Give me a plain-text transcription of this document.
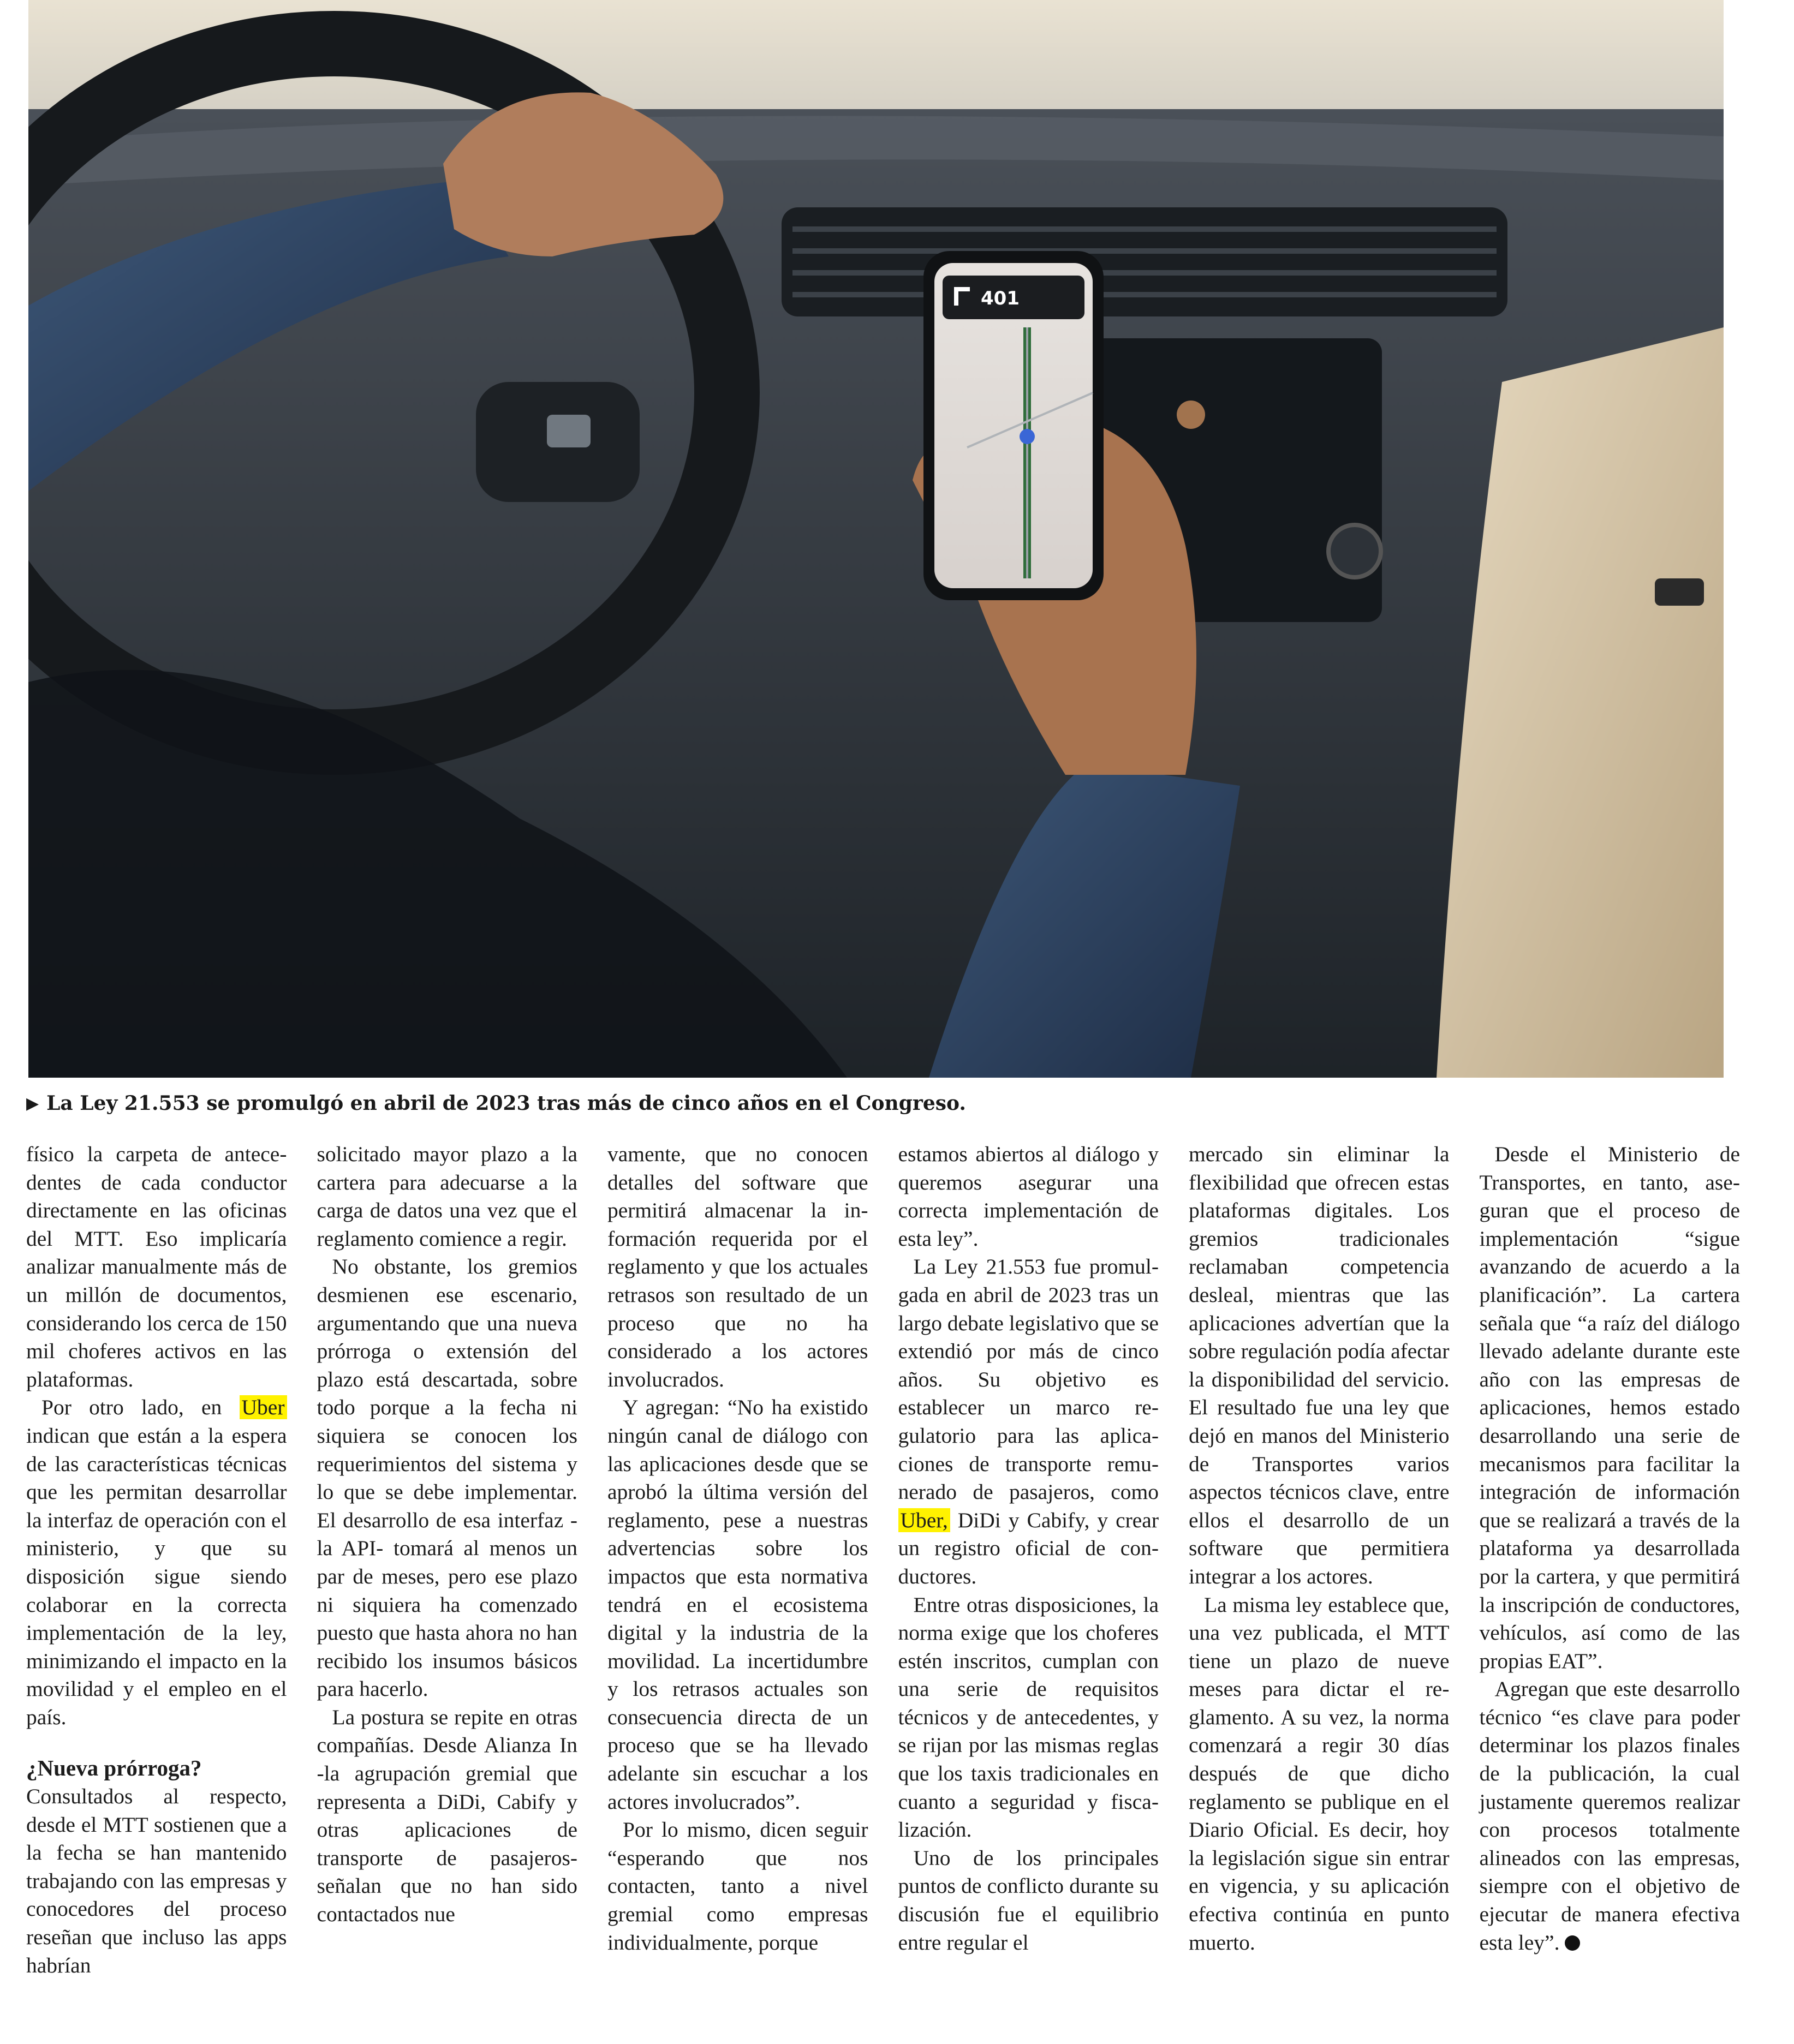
401
▶ La Ley 21.553 se promulgó en abril de 2023 tras más de cinco años en el Congreso.

físico la carpeta de antecedentes de cada conductor directamente en las oficinas del MTT. Eso implicaría analizar manualmente más de un millón de documentos, considerando los cerca de 150 mil choferes activos en las plataformas.

Por otro lado, en Uber indican que están a la espera de las características técnicas que les permitan desarrollar la interfaz de operación con el ministerio, y que su disposición sigue siendo colaborar en la correcta implementación de la ley, minimizando el impacto en la movilidad y el empleo en el país.

¿Nueva prórroga?

Consultados al respecto, desde el MTT sostienen que a la fecha se han mantenido trabajando con las empresas y conocedores del proceso reseñan que incluso las apps habrían

solicitado mayor plazo a la cartera para adecuarse a la carga de datos una vez que el reglamento comience a regir.

No obstante, los gremios desmienen ese escenario, argumentando que una nueva prórroga o extensión del plazo está descartada, sobre todo porque a la fecha ni siquiera se conocen los requerimientos del sistema y lo que se debe implementar. El desarrollo de esa interfaz -la API- tomará al menos un par de meses, pero ese plazo ni siquiera ha comenzado puesto que hasta ahora no han recibido los insumos básicos para hacerlo.

La postura se repite en otras compañías. Desde Alianza In -la agrupación gremial que representa a DiDi, Cabify y otras aplicaciones de transporte de pasajeros- señalan que no han sido contactados nue

vamente, que no conocen detalles del software que permitirá almacenar la información requerida por el reglamento y que los actuales retrasos son resultado de un proceso que no ha considerado a los actores involucrados.

Y agregan: “No ha existido ningún canal de diálogo con las aplicaciones desde que se aprobó la última versión del reglamento, pese a nuestras advertencias sobre los impactos que esta normativa tendrá en el ecosistema digital y la industria de la movilidad. La incertidumbre y los retrasos actuales son consecuencia directa de un proceso que se ha llevado adelante sin escuchar a los actores involucrados”.

Por lo mismo, dicen seguir “esperando que nos contacten, tanto a nivel gremial como empresas individualmente, porque

estamos abiertos al diálogo y queremos asegurar una correcta implementación de esta ley”.

La Ley 21.553 fue promulgada en abril de 2023 tras un largo debate legislativo que se extendió por más de cinco años. Su objetivo es establecer un marco regulatorio para las aplicaciones de transporte remunerado de pasajeros, como Uber, DiDi y Cabify, y crear un registro oficial de conductores.

Entre otras disposiciones, la norma exige que los choferes estén inscritos, cumplan con una serie de requisitos técnicos y de antecedentes, y se rijan por las mismas reglas que los taxis tradicionales en cuanto a seguridad y fiscalización.

Uno de los principales puntos de conflicto durante su discusión fue el equilibrio entre regular el

mercado sin eliminar la flexibilidad que ofrecen estas plataformas digitales. Los gremios tradicionales reclamaban competencia desleal, mientras que las aplicaciones advertían que la sobre regulación podía afectar la disponibilidad del servicio. El resultado fue una ley que dejó en manos del Ministerio de Transportes varios aspectos técnicos clave, entre ellos el desarrollo de un software que permitiera integrar a los actores.

La misma ley establece que, una vez publicada, el MTT tiene un plazo de nueve meses para dictar el reglamento. A su vez, la norma comenzará a regir 30 días después de que dicho reglamento se publique en el Diario Oficial. Es decir, hoy la legislación sigue sin entrar en vigencia, y su aplicación efectiva continúa en punto muerto.

Desde el Ministerio de Transportes, en tanto, aseguran que el proceso de implementación “sigue avanzando de acuerdo a la planificación”. La cartera señala que “a raíz del diálogo llevado adelante durante este año con las empresas de aplicaciones, hemos estado desarrollando una serie de mecanismos para facilitar la integración de información que se realizará a través de la plataforma ya desarrollada por la cartera, y que permitirá la inscripción de conductores, vehículos, así como de las propias EAT”.

Agregan que este desarrollo técnico “es clave para poder determinar los plazos finales de la publicación, la cual justamente queremos realizar con procesos totalmente alineados con las empresas, siempre con el objetivo de ejecutar de manera efectiva esta ley”.
